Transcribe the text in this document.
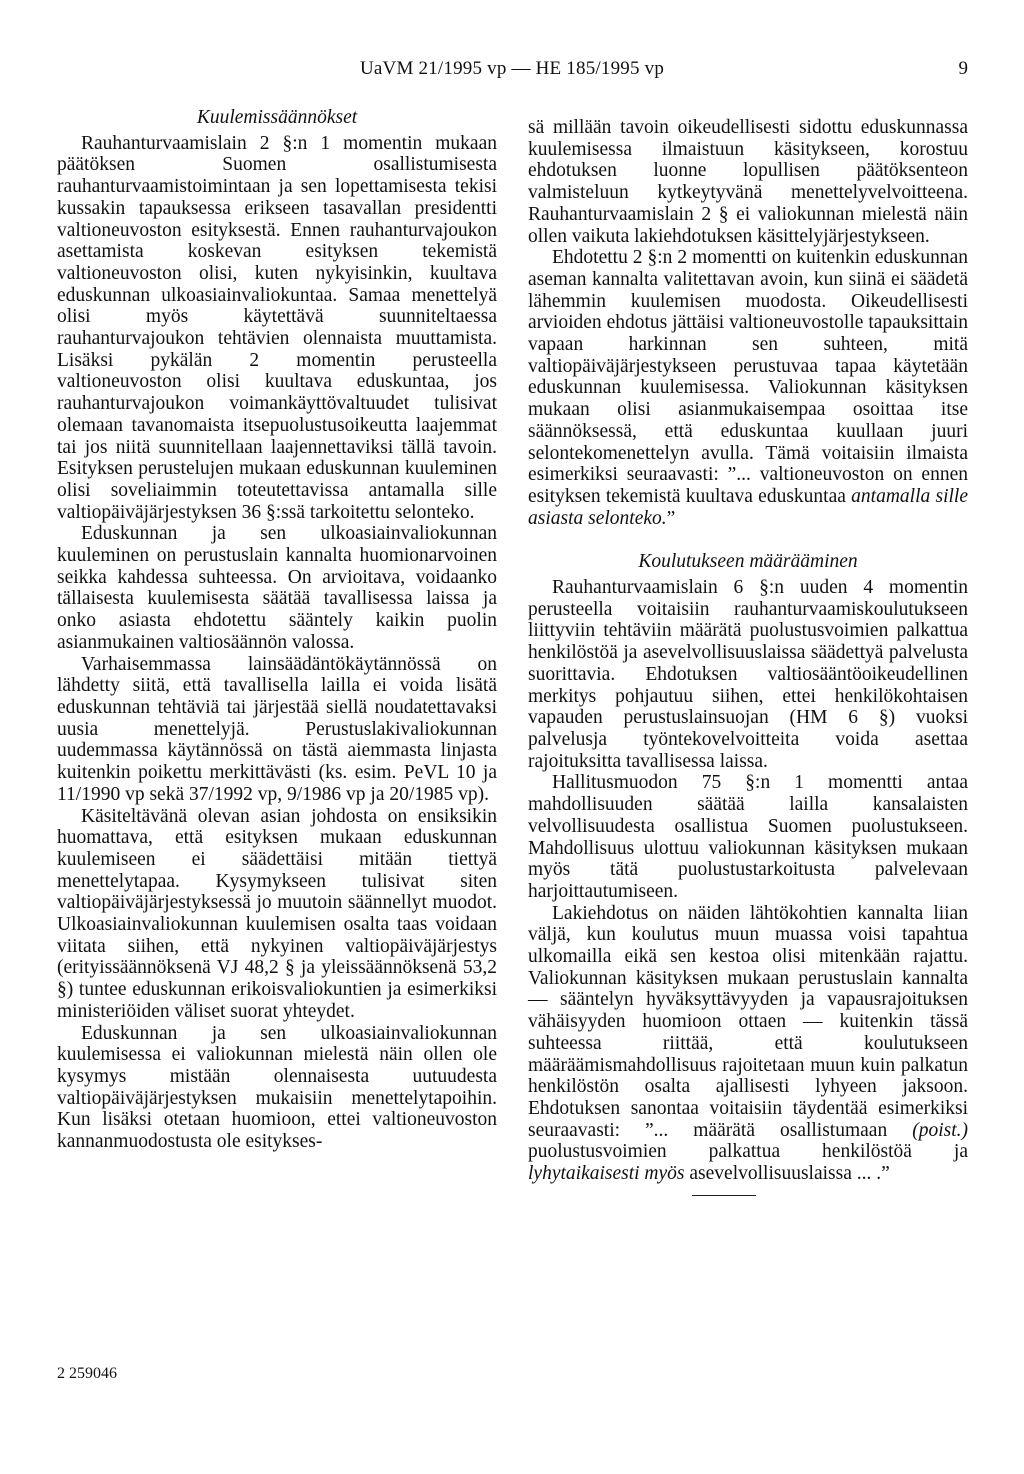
UaVM 21/1995 vp — HE 185/1995 vp	9
Kuulemissäännökset

Rauhanturvaamislain 2 §:n 1 momentin mukaan päätöksen Suomen osallistumisesta rauhanturvaamistoimintaan ja sen lopettamisesta tekisi kussakin tapauksessa erikseen tasavallan presidentti valtioneuvoston esityksestä. Ennen rauhanturvajoukon asettamista koskevan esityksen tekemistä valtioneuvoston olisi, kuten nykyisinkin, kuultava eduskunnan ulkoasiainvaliokuntaa. Samaa menettelyä olisi myös käytettävä suunniteltaessa rauhanturvajoukon tehtävien olennaista muuttamista. Lisäksi pykälän 2 momentin perusteella valtioneuvoston olisi kuultava eduskuntaa, jos rauhanturvajoukon voimankäyttövaltuudet tulisivat olemaan tavanomaista itsepuolustusoikeutta laajemmat tai jos niitä suunnitellaan laajennettaviksi tällä tavoin. Esityksen perustelujen mukaan eduskunnan kuuleminen olisi soveliaimmin toteutettavissa antamalla sille valtiopäiväjärjestyksen 36 §:ssä tarkoitettu selonteko.

Eduskunnan ja sen ulkoasiainvaliokunnan kuuleminen on perustuslain kannalta huomionarvoinen seikka kahdessa suhteessa. On arvioitava, voidaanko tällaisesta kuulemisesta säätää tavallisessa laissa ja onko asiasta ehdotettu sääntely kaikin puolin asianmukainen valtiosäännön valossa.

Varhaisemmassa lainsäädäntökäytännössä on lähdetty siitä, että tavallisella lailla ei voida lisätä eduskunnan tehtäviä tai järjestää siellä noudatettavaksi uusia menettelyjä. Perustuslakivaliokunnan uudemmassa käytännössä on tästä aiemmasta linjasta kuitenkin poikettu merkittävästi (ks. esim. PeVL 10 ja 11/1990 vp sekä 37/1992 vp, 9/1986 vp ja 20/1985 vp).

Käsiteltävänä olevan asian johdosta on ensiksikin huomattava, että esityksen mukaan eduskunnan kuulemiseen ei säädettäisi mitään tiettyä menettelytapaa. Kysymykseen tulisivat siten valtiopäiväjärjestyksessä jo muutoin säännellyt muodot. Ulkoasiainvaliokunnan kuulemisen osalta taas voidaan viitata siihen, että nykyinen valtiopäiväjärjestys (erityissäännöksenä VJ 48,2 § ja yleissäännöksenä 53,2 §) tuntee eduskunnan erikoisvaliokuntien ja esimerkiksi ministeriöiden väliset suorat yhteydet.

Eduskunnan ja sen ulkoasiainvaliokunnan kuulemisessa ei valiokunnan mielestä näin ollen ole kysymys mistään olennaisesta uutuudesta valtiopäiväjärjestyksen mukaisiin menettelytapoihin. Kun lisäksi otetaan huomioon, ettei valtioneuvoston kannanmuodostusta ole esitykses-

sä millään tavoin oikeudellisesti sidottu eduskunnassa kuulemisessa ilmaistuun käsitykseen, korostuu ehdotuksen luonne lopullisen päätöksenteon valmisteluun kytkeytyvänä menettelyvelvoitteena. Rauhanturvaamislain 2 § ei valiokunnan mielestä näin ollen vaikuta lakiehdotuksen käsittelyjärjestykseen.

Ehdotettu 2 §:n 2 momentti on kuitenkin eduskunnan aseman kannalta valitettavan avoin, kun siinä ei säädetä lähemmin kuulemisen muodosta. Oikeudellisesti arvioiden ehdotus jättäisi valtioneuvostolle tapauksittain vapaan harkinnan sen suhteen, mitä valtiopäiväjärjestykseen perustuvaa tapaa käytetään eduskunnan kuulemisessa. Valiokunnan käsityksen mukaan olisi asianmukaisempaa osoittaa itse säännöksessä, että eduskuntaa kuullaan juuri selontekomenettelyn avulla. Tämä voitaisiin ilmaista esimerkiksi seuraavasti: ”... valtioneuvoston on ennen esityksen tekemistä kuultava eduskuntaa antamalla sille asiasta selonteko.”

Koulutukseen määrääminen

Rauhanturvaamislain 6 §:n uuden 4 momentin perusteella voitaisiin rauhanturvaamiskoulutukseen liittyviin tehtäviin määrätä puolustusvoimien palkattua henkilöstöä ja asevelvollisuuslaissa säädettyä palvelusta suorittavia. Ehdotuksen valtiosääntöoikeudellinen merkitys pohjautuu siihen, ettei henkilökohtaisen vapauden perustuslainsuojan (HM 6 §) vuoksi palvelusja työntekovelvoitteita voida asettaa rajoituksitta tavallisessa laissa.

Hallitusmuodon 75 §:n 1 momentti antaa mahdollisuuden säätää lailla kansalaisten velvollisuudesta osallistua Suomen puolustukseen. Mahdollisuus ulottuu valiokunnan käsityksen mukaan myös tätä puolustustarkoitusta palvelevaan harjoittautumiseen.

Lakiehdotus on näiden lähtökohtien kannalta liian väljä, kun koulutus muun muassa voisi tapahtua ulkomailla eikä sen kestoa olisi mitenkään rajattu. Valiokunnan käsityksen mukaan perustuslain kannalta — sääntelyn hyväksyttävyyden ja vapausrajoituksen vähäisyyden huomioon ottaen — kuitenkin tässä suhteessa riittää, että koulutukseen määräämismahdollisuus rajoitetaan muun kuin palkatun henkilöstön osalta ajallisesti lyhyeen jaksoon. Ehdotuksen sanontaa voitaisiin täydentää esimerkiksi seuraavasti: ”... määrätä osallistumaan (poist.) puolustusvoimien palkattua henkilöstöä ja lyhytaikaisesti myös asevelvollisuuslaissa ... .”

2 259046
